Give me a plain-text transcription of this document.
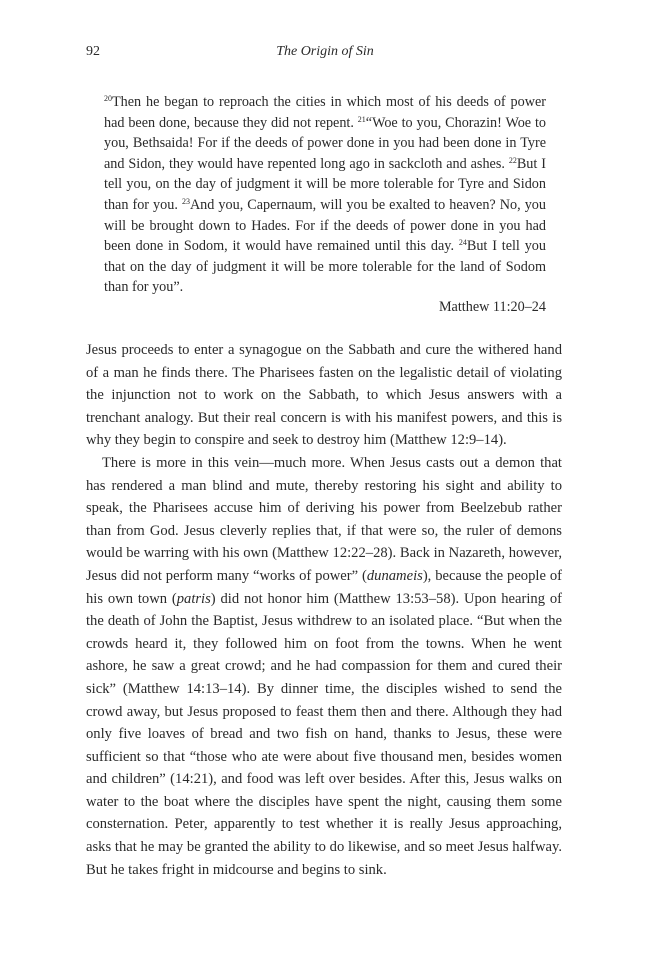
92	The Origin of Sin

$^{20}$Then he began to reproach the cities in which most of his deeds of power had been done, because they did not repent. $^{21}$“Woe to you, Chorazin! Woe to you, Bethsaida! For if the deeds of power done in you had been done in Tyre and Sidon, they would have repented long ago in sackcloth and ashes. $^{22}$But I tell you, on the day of judgment it will be more tolerable for Tyre and Sidon than for you. $^{23}$And you, Capernaum, will you be exalted to heaven? No, you will be brought down to Hades. For if the deeds of power done in you had been done in Sodom, it would have remained until this day. $^{24}$But I tell you that on the day of judgment it will be more tolerable for the land of Sodom than for you”.

Matthew 11:20–24

Jesus proceeds to enter a synagogue on the Sabbath and cure the withered hand of a man he finds there. The Pharisees fasten on the legalistic detail of violating the injunction not to work on the Sabbath, to which Jesus answers with a trenchant analogy. But their real concern is with his manifest powers, and this is why they begin to conspire and seek to destroy him (Matthew 12:9–14).

There is more in this vein—much more. When Jesus casts out a demon that has rendered a man blind and mute, thereby restoring his sight and ability to speak, the Pharisees accuse him of deriving his power from Beelzebub rather than from God. Jesus cleverly replies that, if that were so, the ruler of demons would be warring with his own (Matthew 12:22–28). Back in Nazareth, however, Jesus did not perform many “works of power” (dunameis), because the people of his own town (patris) did not honor him (Matthew 13:53–58). Upon hearing of the death of John the Baptist, Jesus withdrew to an isolated place. “But when the crowds heard it, they followed him on foot from the towns. When he went ashore, he saw a great crowd; and he had compassion for them and cured their sick” (Matthew 14:13–14). By dinner time, the disciples wished to send the crowd away, but Jesus proposed to feast them then and there. Although they had only five loaves of bread and two fish on hand, thanks to Jesus, these were sufficient so that “those who ate were about five thousand men, besides women and children” (14:21), and food was left over besides. After this, Jesus walks on water to the boat where the disciples have spent the night, causing them some consternation. Peter, apparently to test whether it is really Jesus approaching, asks that he may be granted the ability to do likewise, and so meet Jesus halfway. But he takes fright in midcourse and begins to sink.
